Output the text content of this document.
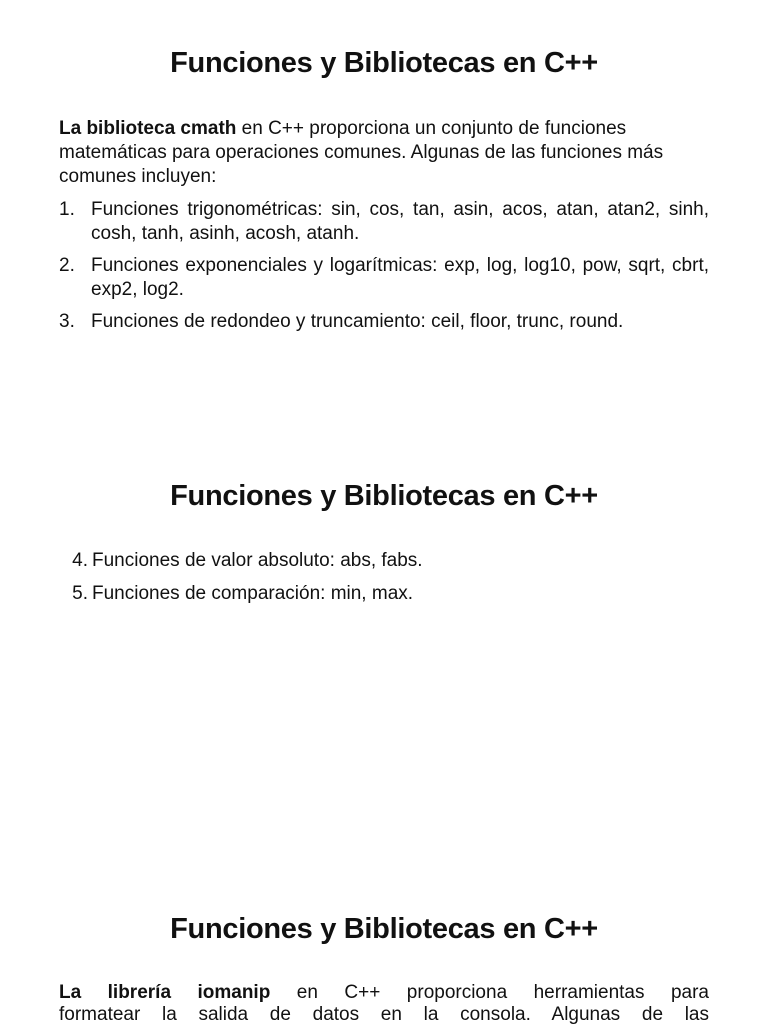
Funciones y Bibliotecas en C++

La biblioteca cmath en C++ proporciona un conjunto de funciones matemáticas para operaciones comunes. Algunas de las funciones más comunes incluyen:

1. Funciones trigonométricas: sin, cos, tan, asin, acos, atan, atan2, sinh, cosh, tanh, asinh, acosh, atanh.
2. Funciones exponenciales y logarítmicas: exp, log, log10, pow, sqrt, cbrt, exp2, log2.
3. Funciones de redondeo y truncamiento: ceil, floor, trunc, round.
Funciones y Bibliotecas en C++
4. Funciones de valor absoluto: abs, fabs.
5. Funciones de comparación: min, max.
Funciones y Bibliotecas en C++

La librería iomanip en C++ proporciona herramientas para

formatear la salida de datos en la consola. Algunas de las
